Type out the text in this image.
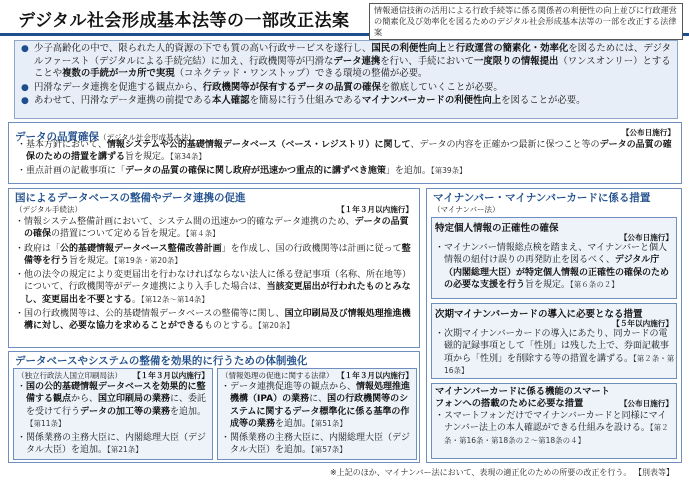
デジタル社会形成基本法等の一部改正法案
情報通信技術の活用による行政手続等に係る関係者の利便性の向上並びに行政運営の簡素化及び効率化を図るためのデジタル社会形成基本法等の一部を改正する法律案

● 少子高齢化の中で、限られた人的資源の下でも質の高い行政サービスを遂行し、国民の利便性向上と行政運営の簡素化・効率化を図るためには、デジタルファースト（デジタルによる手続完結）に加え、行政機関等が円滑なデータ連携を行い、手続において一度限りの情報提出（ワンスオンリー）とすることや複数の手続が一カ所で実現（コネクテッド・ワンストップ）できる環境の整備が必要。

● 円滑なデータ連携を促進する観点から、行政機関等が保有するデータの品質の確保を徹底していくことが必要。

● あわせて、円滑なデータ連携の前提である本人確認を簡易に行う仕組みであるマイナンバーカードの利便性向上を図ることが必要。

データの品質確保（デジタル社会形成基本法）
【公布日施行】
・ 基本方針において、情報システムや公的基礎情報データベース（ベース・レジストリ）に関して、データの内容を正確かつ最新に保つこと等のデータの品質の確保のための措置を講ずる旨を規定。【第34条】
・ 重点計画の記載事項に「データの品質の確保に関し政府が迅速かつ重点的に講ずべき施策」を追加。【第39条】
国によるデータベースの整備やデータ連携の促進
（デジタル手続法）	【１年３月以内施行】
・ 情報システム整備計画において、システム間の迅速かつ的確なデータ連携のため、データの品質の確保の措置について定める旨を規定。【第４条】
・ 政府は「公的基礎情報データベース整備改善計画」を作成し、国の行政機関等は計画に従って整備等を行う旨を規定。【第19条・第20条】
・ 他の法令の規定により変更届出を行わなければならない法人に係る登記事項（名称、所在地等）について、行政機関等がデータ連携により入手した場合は、当該変更届出が行われたものとみなし、変更届出を不要とする。【第12条～第14条】
・ 国の行政機関等は、公的基礎情報データベースの整備等に関し、国立印刷局及び情報処理推進機構に対し、必要な協力を求めることができるものとする。【第20条】
データベースやシステムの整備を効果的に行うための体制強化
（独立行政法人国立印刷局法） 【１年３月以内施行】
・ 国の公的基礎情報データベースを効果的に整備する観点から、国立印刷局の業務に、委託を受けて行うデータの加工等の業務を追加。【第11条】
・ 関係業務の主務大臣に、内閣総理大臣（デジタル大臣）を追加。【第21条】
（情報処理の促進に関する法律） 【１年３月以内施行】
・ データ連携促進等の観点から、情報処理推進機構（IPA）の業務に、国の行政機関等のシステムに関するデータ標準化に係る基準の作成等の業務を追加。【第51条】
・ 関係業務の主務大臣に、内閣総理大臣（デジタル大臣）を追加。【第57条】
マイナンバー・マイナンバーカードに係る措置
（マイナンバー法）
特定個人情報の正確性の確保
【公布日施行】
・ マイナンバー情報総点検を踏まえ、マイナンバーと個人情報の紐付け誤りの再発防止を図るべく、デジタル庁（内閣総理大臣）が特定個人情報の正確性の確保のための必要な支援を行う旨を規定。【第６条の２】
次期マイナンバーカードの導入に必要となる措置
【５年以内施行】
・ 次期マイナンバーカードの導入にあたり、同カードの電磁的記録事項として「性別」は残した上で、券面記載事項から「性別」を削除する等の措置を講ずる。【第２条・第16条】
マイナンバーカードに係る機能のスマートフォンへの搭載のために必要な措置	【公布日施行】
・ スマートフォンだけでマイナンバーカードと同様にマイナンバー法上の本人確認ができる仕組みを設ける。【第２条・第16条・第18条の２～第18条の４】
※上記のほか、マイナンバー法において、表現の適正化のための所要の改正を行う。 【別表等】
